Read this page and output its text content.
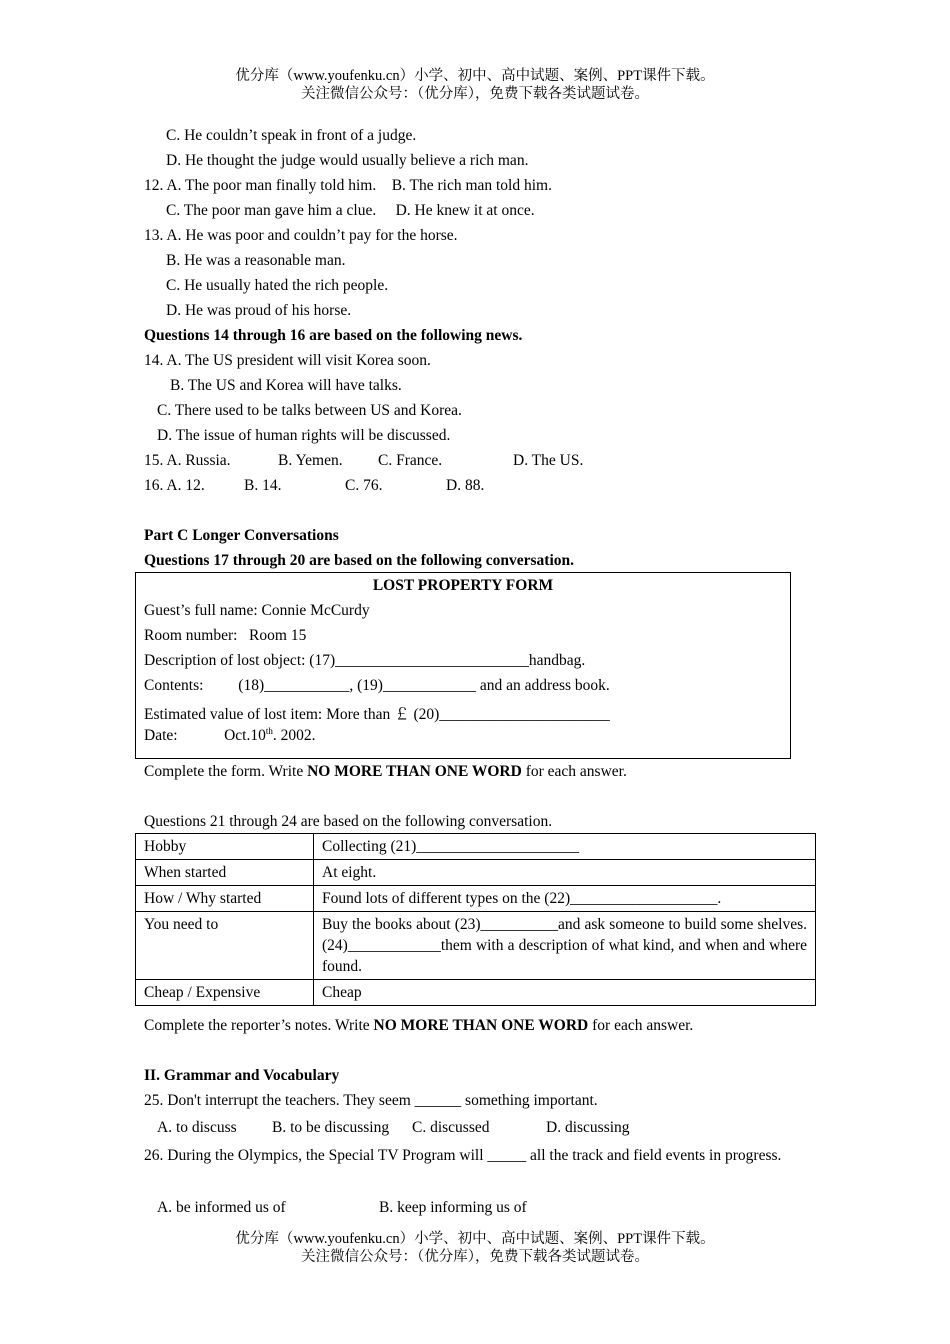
优分库（www.youfenku.cn）小学、初中、高中试题、案例、PPT课件下载。
关注微信公众号：（优分库），免费下载各类试题试卷。
C. He couldn’t speak in front of a judge.
D. He thought the judge would usually believe a rich man.
12. A. The poor man finally told him.    B. The rich man told him.
C. The poor man gave him a clue.     D. He knew it at once.
13. A. He was poor and couldn’t pay for the horse.
B. He was a reasonable man.
C. He usually hated the rich people.
D. He was proud of his horse.
Questions 14 through 16 are based on the following news.
14. A. The US president will visit Korea soon.
B. The US and Korea will have talks.
C. There used to be talks between US and Korea.
D. The issue of human rights will be discussed.
15. A. Russia.	B. Yemen. C. France.	D. The US.
16. A. 12.	B. 14.	C. 76.	D. 88.
Part C Longer Conversations
Questions 17 through 20 are based on the following conversation.
LOST PROPERTY FORM
Guest’s full name: Connie McCurdy
Room number:   Room 15
Description of lost object: (17)_________________________handbag.
Contents:         (18)___________, (19)____________ and an address book.
Estimated value of lost item: More than ￡ (20)______________________
Date:            Oct.10th. 2002.
Complete the form. Write NO MORE THAN ONE WORD for each answer.
Questions 21 through 24 are based on the following conversation.
Hobby	Collecting (21)_____________________
When started	At eight.
How / Why started	Found lots of different types on the (22)___________________.
You need to	Buy the books about (23)__________and ask someone to build some shelves. (24)____________them with a description of what kind, and when and where found.
Cheap / Expensive	Cheap
Complete the reporter’s notes. Write NO MORE THAN ONE WORD for each answer.
II. Grammar and Vocabulary
25. Don't interrupt the teachers. They seem ______ something important.
A. to discuss B. to be discussing C. discussed	D. discussing
26. During the Olympics, the Special TV Program will _____ all the track and field events in progress.
A. be informed us of	B. keep informing us of
优分库（www.youfenku.cn）小学、初中、高中试题、案例、PPT课件下载。
关注微信公众号：（优分库），免费下载各类试题试卷。
